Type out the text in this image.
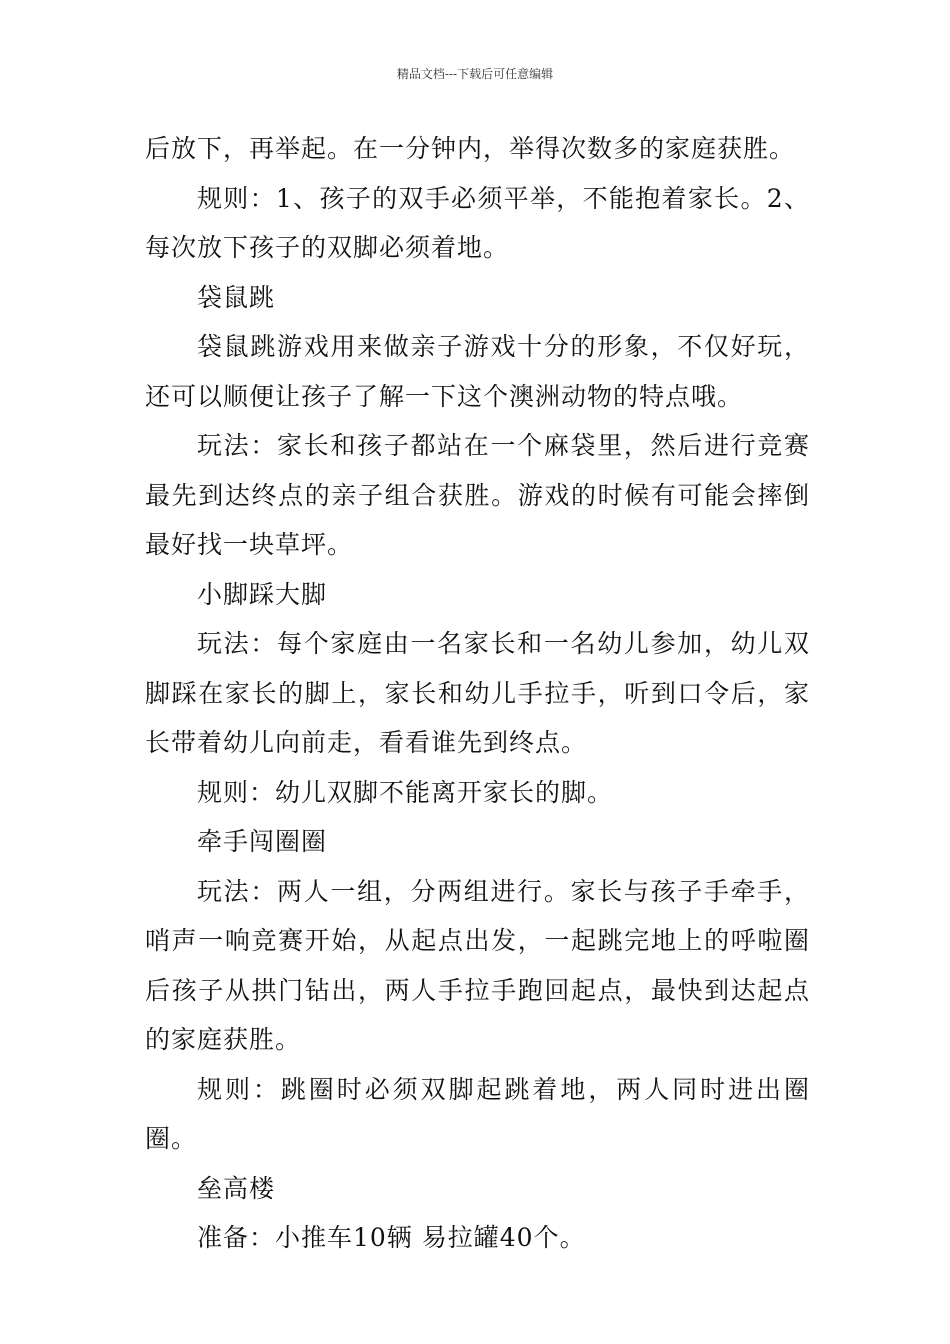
精品文档---下载后可任意编辑

后放下，再举起。在一分钟内，举得次数多的家庭获胜。

规则：1、孩子的双手必须平举，不能抱着家长。2、每次放下孩子的双脚必须着地。

袋鼠跳

袋鼠跳游戏用来做亲子游戏十分的形象，不仅好玩，还可以顺便让孩子了解一下这个澳洲动物的特点哦。

玩法：家长和孩子都站在一个麻袋里，然后进行竞赛最先到达终点的亲子组合获胜。游戏的时候有可能会摔倒最好找一块草坪。

小脚踩大脚

玩法：每个家庭由一名家长和一名幼儿参加，幼儿双脚踩在家长的脚上，家长和幼儿手拉手，听到口令后，家长带着幼儿向前走，看看谁先到终点。

规则：幼儿双脚不能离开家长的脚。

牵手闯圈圈

玩法：两人一组，分两组进行。家长与孩子手牵手，哨声一响竞赛开始，从起点出发，一起跳完地上的呼啦圈后孩子从拱门钻出，两人手拉手跑回起点，最快到达起点的家庭获胜。

规则：跳圈时必须双脚起跳着地，两人同时进出圈圈。

垒高楼

准备：小推车10辆 易拉罐40个。
